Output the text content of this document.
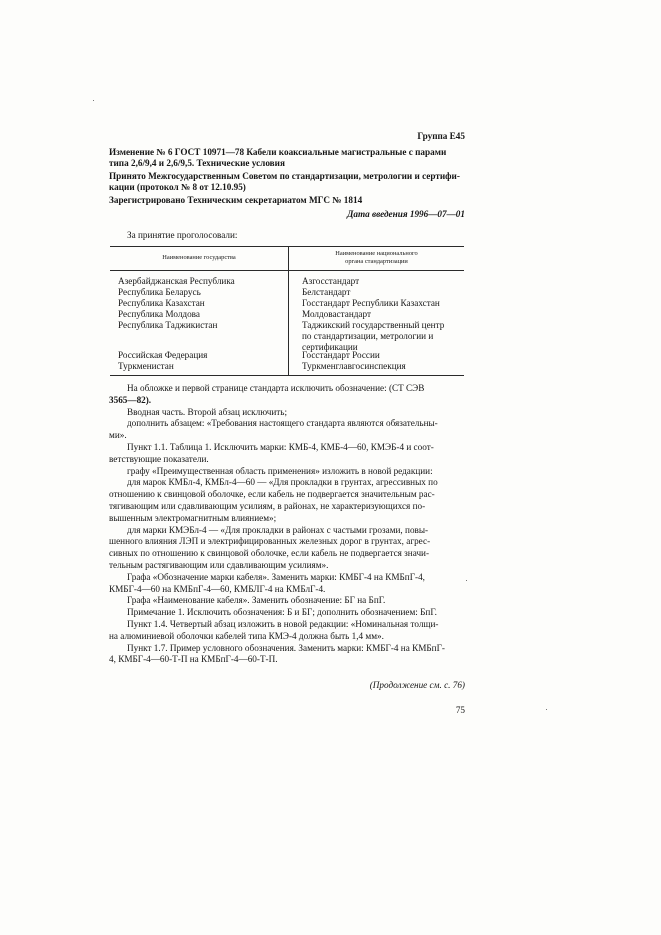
Группа Е45
Изменение № 6 ГОСТ 10971—78 Кабели коаксиальные магистральные с парами
типа 2,6/9,4 и 2,6/9,5. Технические условия
Принято Межгосударственным Советом по стандартизации, метрологии и сертифи-
кации (протокол № 8 от 12.10.95)
Зарегистрировано Техническим секретариатом МГС № 1814
Дата введения 1996—07—01
За принятие проголосовали:
Наименование государства
Наименование национального
органа стандартизации
Азербайджанская Республика	Азгосстандарт
Республика Беларусь	Белстандарт
Республика Казахстан	Госстандарт Республики Казахстан
Республика Молдова	Молдовастандарт
Республика Таджикистан	Таджикский государственный центр
по стандартизации, метрологии и
сертификации
Российская Федерация	Госстандарт России
Туркменистан	Туркменглавгосинспекция
На обложке и первой странице стандарта исключить обозначение: (СТ СЭВ
3565—82).
Вводная часть. Второй абзац исключить;
дополнить абзацем: «Требования настоящего стандарта являются обязательны-
ми».
Пункт 1.1. Таблица 1. Исключить марки: КМБ-4, КМБ-4—60, КМЭБ-4 и соот-
ветствующие показатели.
графу «Преимущественная область применения» изложить в новой редакции:
для марок КМБл-4, КМБл-4—60 — «Для прокладки в грунтах, агрессивных по
отношению к свинцовой оболочке, если кабель не подвергается значительным рас-
тягивающим или сдавливающим усилиям, в районах, не характеризующихся по-
вышенным электромагнитным влиянием»;
для марки КМЭБл-4 — «Для прокладки в районах с частыми грозами, повы-
шенного влияния ЛЭП и электрифицированных железных дорог в грунтах, агрес-
сивных по отношению к свинцовой оболочке, если кабель не подвергается значи-
тельным растягивающим или сдавливающим усилиям».
Графа «Обозначение марки кабеля». Заменить марки: КМБГ-4 на КМБпГ-4,
КМБГ-4—60 на КМБпГ-4—60, КМБЛГ-4 на КМБлГ-4.
Графа «Наименование кабеля». Заменить обозначение: БГ на БпГ.
Примечание 1. Исключить обозначения: Б и БГ; дополнить обозначением: БпГ.
Пункт 1.4. Четвертый абзац изложить в новой редакции: «Номинальная толщи-
на алюминиевой оболочки кабелей типа КМЭ-4 должна быть 1,4 мм».
Пункт 1.7. Пример условного обозначения. Заменить марки: КМБГ-4 на КМБпГ-
4, КМБГ-4—60-Т-П на КМБпГ-4—60-Т-П.
(Продолжение см. с. 76)
75
